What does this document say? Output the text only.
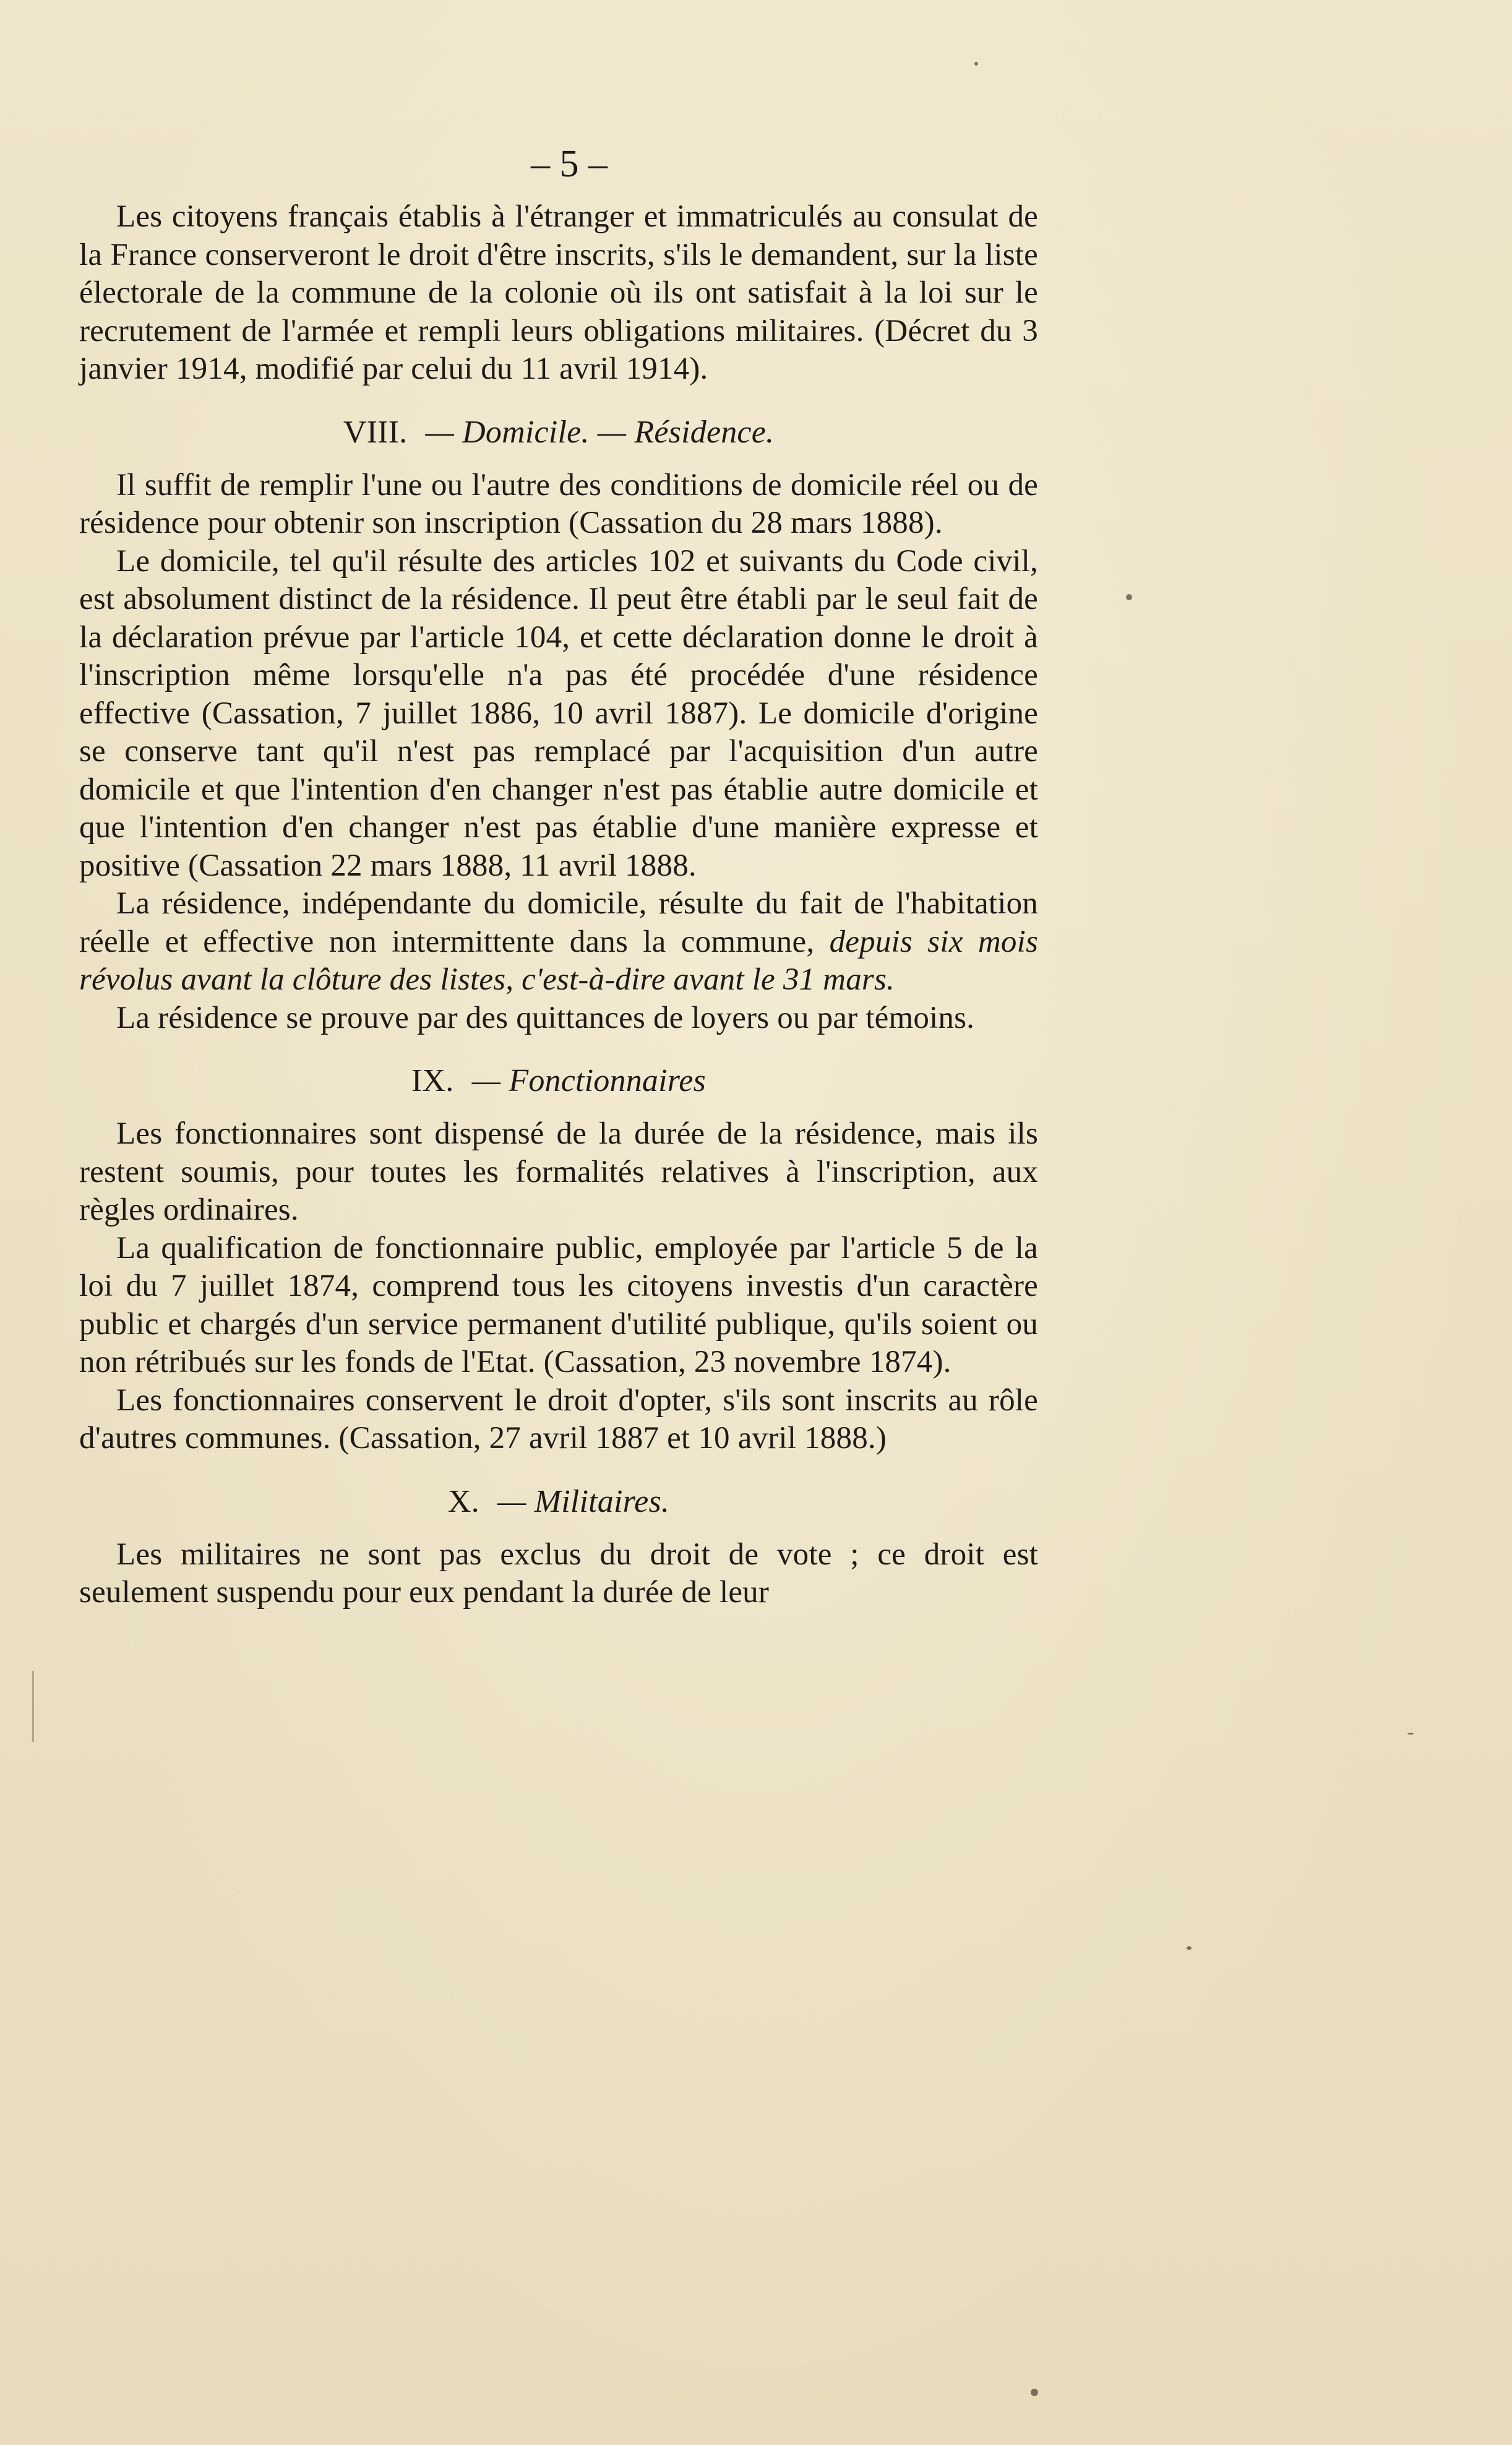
– 5 –

Les citoyens français établis à l'étranger et immatriculés au consulat de la France conserveront le droit d'être inscrits, s'ils le demandent, sur la liste électorale de la commune de la colonie où ils ont satisfait à la loi sur le recrutement de l'armée et rempli leurs obligations militaires. (Décret du 3 janvier 1914, modifié par celui du 11 avril 1914).

VIII. — Domicile. — Résidence.

Il suffit de remplir l'une ou l'autre des conditions de domicile réel ou de résidence pour obtenir son inscription (Cassation du 28 mars 1888).

Le domicile, tel qu'il résulte des articles 102 et suivants du Code civil, est absolument distinct de la résidence. Il peut être établi par le seul fait de la déclaration prévue par l'article 104, et cette déclaration donne le droit à l'inscription même lorsqu'elle n'a pas été procédée d'une résidence effective (Cassation, 7 juillet 1886, 10 avril 1887). Le domicile d'origine se conserve tant qu'il n'est pas remplacé par l'acquisition d'un autre domicile et que l'intention d'en changer n'est pas établie autre domicile et que l'intention d'en changer n'est pas établie d'une manière expresse et positive (Cassation 22 mars 1888, 11 avril 1888.

La résidence, indépendante du domicile, résulte du fait de l'habitation réelle et effective non intermittente dans la commune, depuis six mois révolus avant la clôture des listes, c'est-à-dire avant le 31 mars.

La résidence se prouve par des quittances de loyers ou par témoins.

IX. — Fonctionnaires

Les fonctionnaires sont dispensé de la durée de la résidence, mais ils restent soumis, pour toutes les formalités relatives à l'inscription, aux règles ordinaires.

La qualification de fonctionnaire public, employée par l'article 5 de la loi du 7 juillet 1874, comprend tous les citoyens investis d'un caractère public et chargés d'un service permanent d'utilité publique, qu'ils soient ou non rétribués sur les fonds de l'Etat. (Cassation, 23 novembre 1874).

Les fonctionnaires conservent le droit d'opter, s'ils sont inscrits au rôle d'autres communes. (Cassation, 27 avril 1887 et 10 avril 1888.)

X. — Militaires.

Les militaires ne sont pas exclus du droit de vote ; ce droit est seulement suspendu pour eux pendant la durée de leur
